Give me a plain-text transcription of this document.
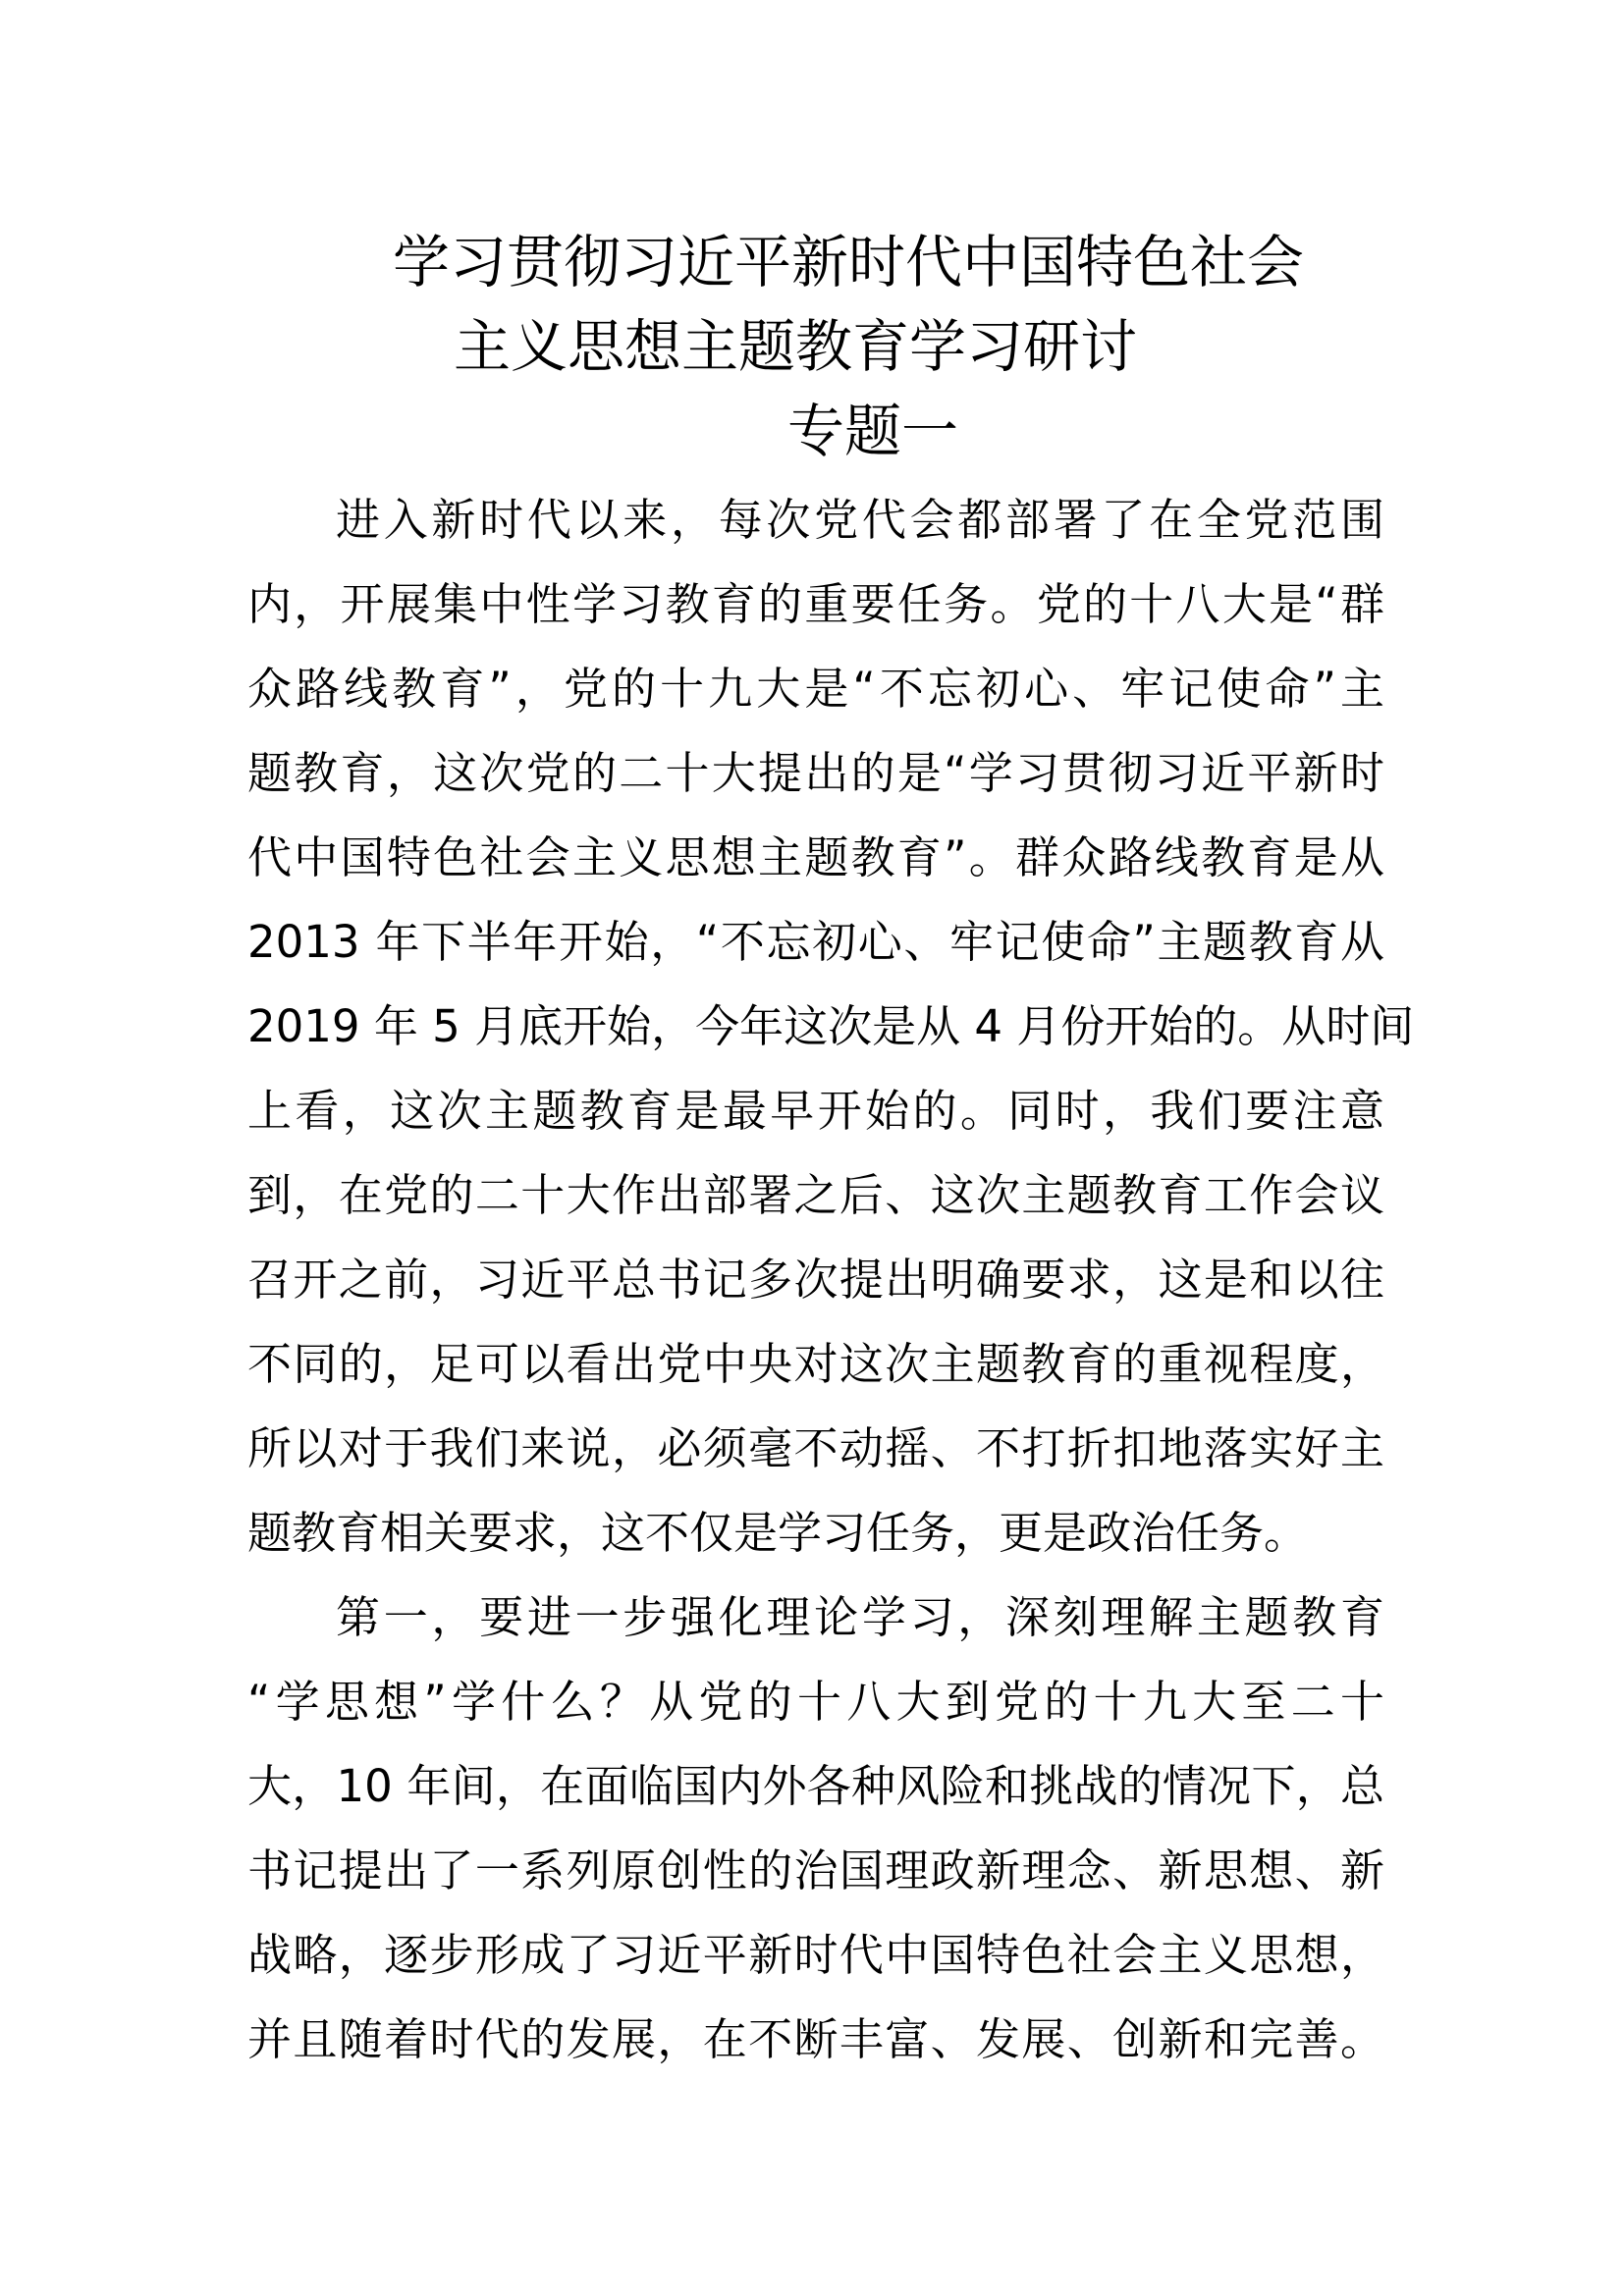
学习贯彻习近平新时代中国特色社会
主义思想主题教育学习研讨
专题一
进入新时代以来，每次党代会都部署了在全党范围
内，开展集中性学习教育的重要任务。党的十八大是“群
众路线教育”，党的十九大是“不忘初心、牢记使命”主
题教育，这次党的二十大提出的是“学习贯彻习近平新时
代中国特色社会主义思想主题教育”。群众路线教育是从
2013 年下半年开始，“不忘初心、牢记使命”主题教育从
2019 年 5 月底开始，今年这次是从 4 月份开始的。从时间
上看，这次主题教育是最早开始的。同时，我们要注意
到，在党的二十大作出部署之后、这次主题教育工作会议
召开之前，习近平总书记多次提出明确要求，这是和以往
不同的，足可以看出党中央对这次主题教育的重视程度，
所以对于我们来说，必须毫不动摇、不打折扣地落实好主
题教育相关要求，这不仅是学习任务，更是政治任务。
第一，要进一步强化理论学习，深刻理解主题教育
“学思想”学什么？从党的十八大到党的十九大至二十
大，10 年间，在面临国内外各种风险和挑战的情况下，总
书记提出了一系列原创性的治国理政新理念、新思想、新
战略，逐步形成了习近平新时代中国特色社会主义思想，
并且随着时代的发展，在不断丰富、发展、创新和完善。
